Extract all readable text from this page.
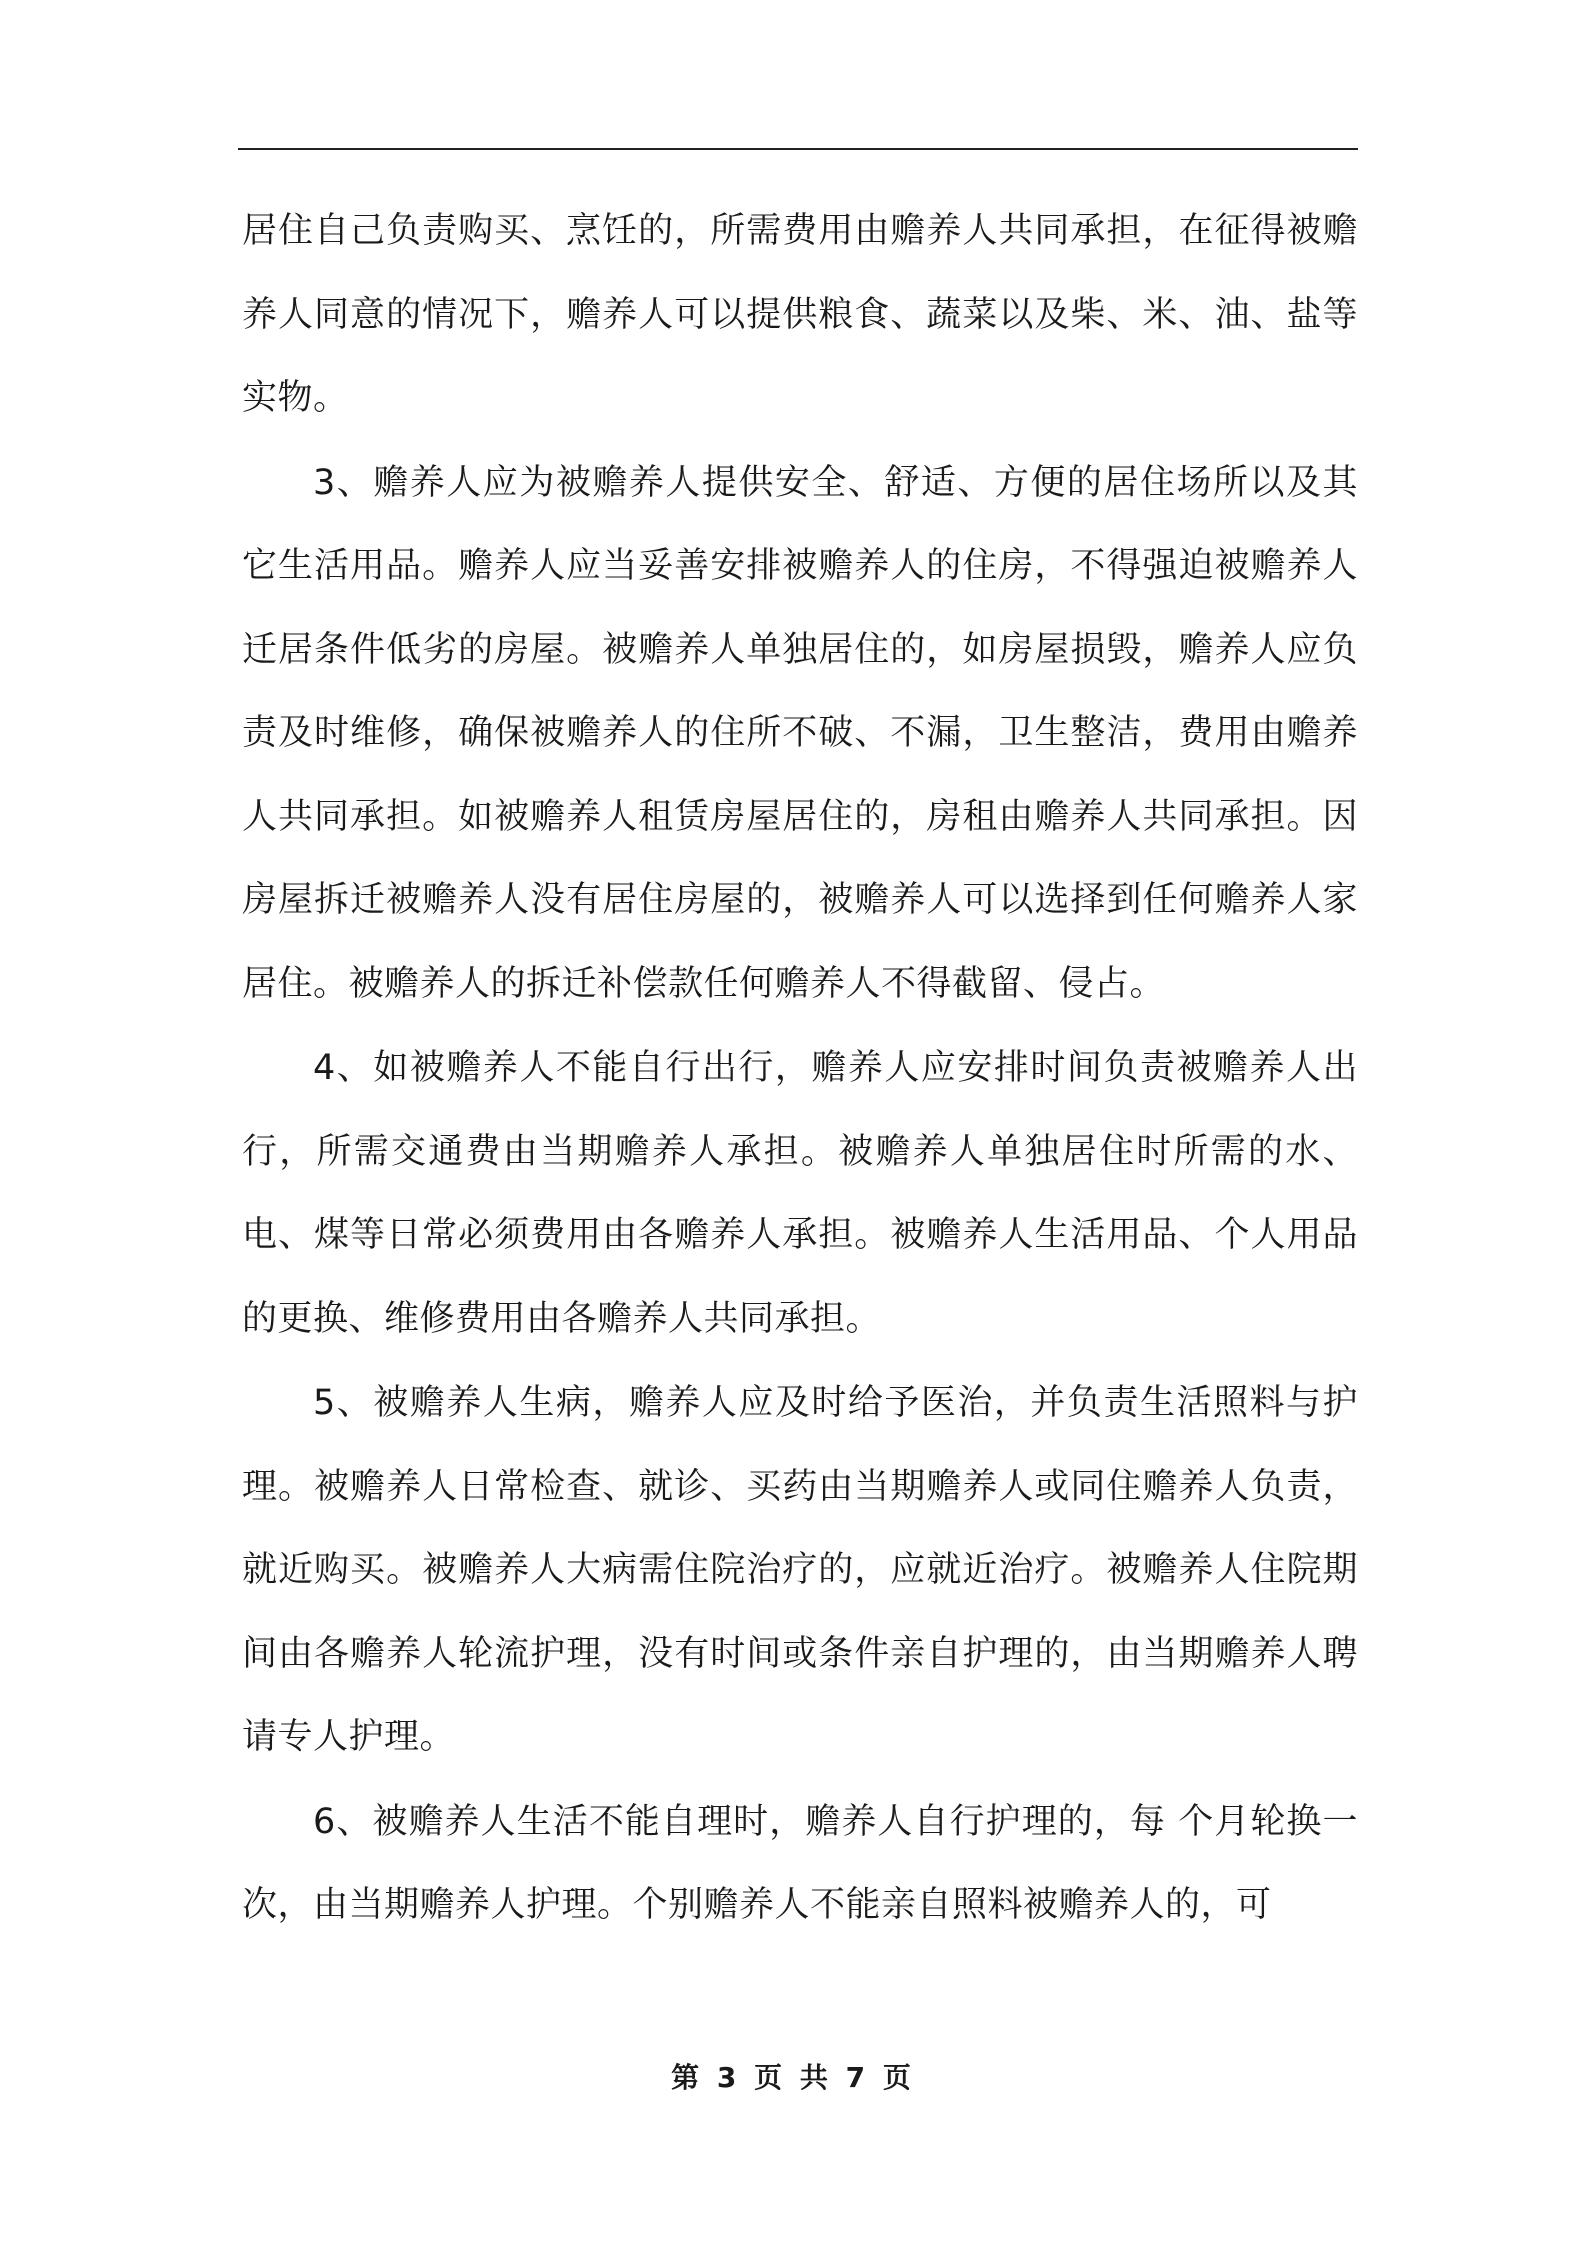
居住自己负责购买、烹饪的，所需费用由赡养人共同承担，在征得被赡养人同意的情况下，赡养人可以提供粮食、蔬菜以及柴、米、油、盐等实物。

3、赡养人应为被赡养人提供安全、舒适、方便的居住场所以及其它生活用品。赡养人应当妥善安排被赡养人的住房，不得强迫被赡养人迁居条件低劣的房屋。被赡养人单独居住的，如房屋损毁，赡养人应负责及时维修，确保被赡养人的住所不破、不漏，卫生整洁，费用由赡养人共同承担。如被赡养人租赁房屋居住的，房租由赡养人共同承担。因房屋拆迁被赡养人没有居住房屋的，被赡养人可以选择到任何赡养人家居住。被赡养人的拆迁补偿款任何赡养人不得截留、侵占。

4、如被赡养人不能自行出行，赡养人应安排时间负责被赡养人出行，所需交通费由当期赡养人承担。被赡养人单独居住时所需的水、电、煤等日常必须费用由各赡养人承担。被赡养人生活用品、个人用品的更换、维修费用由各赡养人共同承担。

5、被赡养人生病，赡养人应及时给予医治，并负责生活照料与护理。被赡养人日常检查、就诊、买药由当期赡养人或同住赡养人负责，就近购买。被赡养人大病需住院治疗的，应就近治疗。被赡养人住院期间由各赡养人轮流护理，没有时间或条件亲自护理的，由当期赡养人聘请专人护理。

6、被赡养人生活不能自理时，赡养人自行护理的，每 个月轮换一次，由当期赡养人护理。个别赡养人不能亲自照料被赡养人的，可

第 3 页 共 7 页
